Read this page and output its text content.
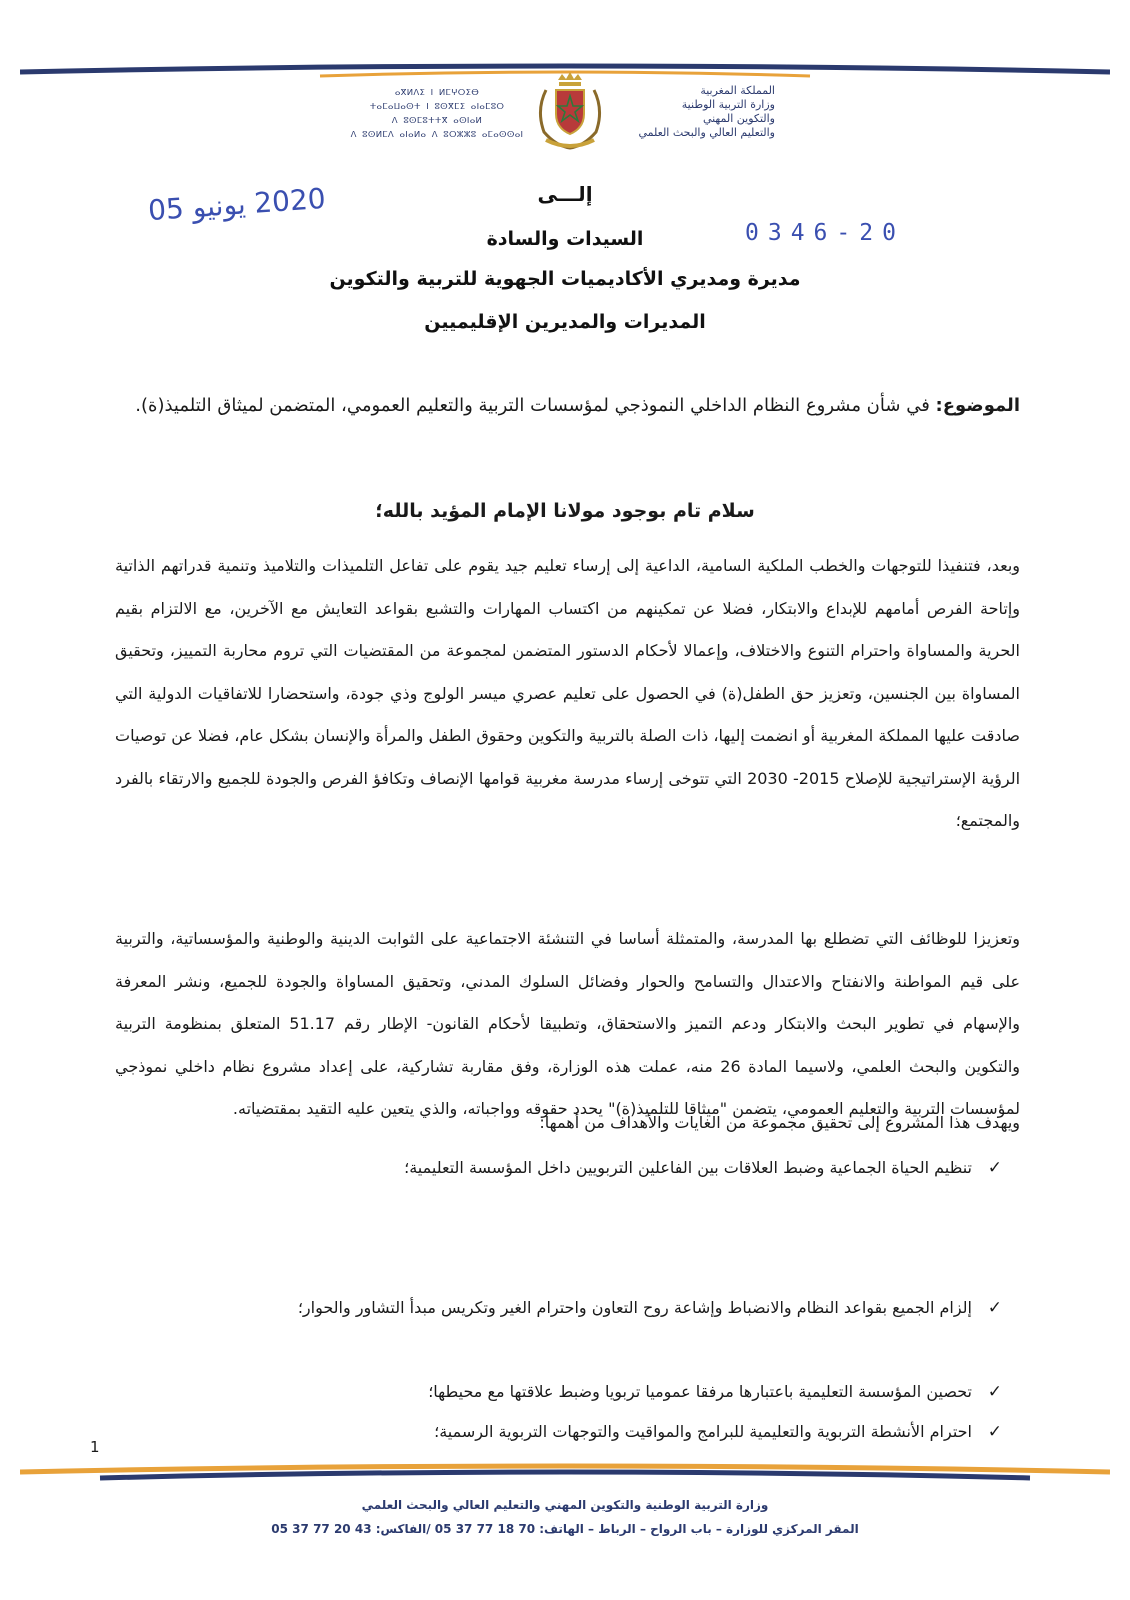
المملكة المغربية
وزارة التربية الوطنية
والتكوين المهني
والتعليم العالي والبحث العلمي
ⴰⴳⵍⴷⵉ ⵏ ⵍⵎⵖⵔⵉⴱ
ⵜⴰⵎⴰⵡⴰⵙⵜ ⵏ ⵓⵙⴳⵎⵉ ⴰⵏⴰⵎⵓⵔ
ⴷ ⵓⵙⵎⵓⵜⵜⴳ ⴰⵙⵏⴰⵍ
ⴷ ⵓⵙⵍⵎⴷ ⴰⵏⴰⵍⴰ ⴷ ⵓⵔⵣⵣⵓ ⴰⵎⴰⵙⵙⴰⵏ
2020 يونيو 05
0346-20
إلـــى
السيدات والسادة
مديرة ومديري الأكاديميات الجهوية للتربية والتكوين
المديرات والمديرين الإقليميين
الموضوع: في شأن مشروع النظام الداخلي النموذجي لمؤسسات التربية والتعليم العمومي، المتضمن لميثاق التلميذ(ة).
سلام تام بوجود مولانا الإمام المؤيد بالله؛
وبعد، فتنفيذا للتوجهات والخطب الملكية السامية، الداعية إلى إرساء تعليم جيد يقوم على تفاعل التلميذات والتلاميذ وتنمية قدراتهم الذاتية وإتاحة الفرص أمامهم للإبداع والابتكار، فضلا عن تمكينهم من اكتساب المهارات والتشبع بقواعد التعايش مع الآخرين، مع الالتزام بقيم الحرية والمساواة واحترام التنوع والاختلاف، وإعمالا لأحكام الدستور المتضمن لمجموعة من المقتضيات التي تروم محاربة التمييز، وتحقيق المساواة بين الجنسين، وتعزيز حق الطفل(ة) في الحصول على تعليم عصري ميسر الولوج وذي جودة، واستحضارا للاتفاقيات الدولية التي صادقت عليها المملكة المغربية أو انضمت إليها، ذات الصلة بالتربية والتكوين وحقوق الطفل والمرأة والإنسان بشكل عام، فضلا عن توصيات الرؤية الإستراتيجية للإصلاح 2015- 2030 التي تتوخى إرساء مدرسة مغربية قوامها الإنصاف وتكافؤ الفرص والجودة للجميع والارتقاء بالفرد والمجتمع؛
وتعزيزا للوظائف التي تضطلع بها المدرسة، والمتمثلة أساسا في التنشئة الاجتماعية على الثوابت الدينية والوطنية والمؤسساتية، والتربية على قيم المواطنة والانفتاح والاعتدال والتسامح والحوار وفضائل السلوك المدني، وتحقيق المساواة والجودة للجميع، ونشر المعرفة والإسهام في تطوير البحث والابتكار ودعم التميز والاستحقاق، وتطبيقا لأحكام القانون- الإطار رقم 51.17 المتعلق بمنظومة التربية والتكوين والبحث العلمي، ولاسيما المادة 26 منه، عملت هذه الوزارة، وفق مقاربة تشاركية، على إعداد مشروع نظام داخلي نموذجي لمؤسسات التربية والتعليم العمومي، يتضمن "ميثاقا للتلميذ(ة)" يحدد حقوقه وواجباته، والذي يتعين عليه التقيد بمقتضياته.
ويهدف هذا المشروع إلى تحقيق مجموعة من الغايات والأهداف من أهمها:
✓
تنظيم الحياة الجماعية وضبط العلاقات بين الفاعلين التربويين داخل المؤسسة التعليمية؛
✓
إلزام الجميع بقواعد النظام والانضباط وإشاعة روح التعاون واحترام الغير وتكريس مبدأ التشاور والحوار؛
✓
تحصين المؤسسة التعليمية باعتبارها مرفقا عموميا تربويا وضبط علاقتها مع محيطها؛
✓
احترام الأنشطة التربوية والتعليمية للبرامج والمواقيت والتوجهات التربوية الرسمية؛
1
وزارة التربية الوطنية والتكوين المهني والتعليم العالي والبحث العلمي
المقر المركزي للوزارة – باب الرواح – الرباط – الهاتف: 70 18 77 37 05 /الفاكس: 43 20 77 37 05
